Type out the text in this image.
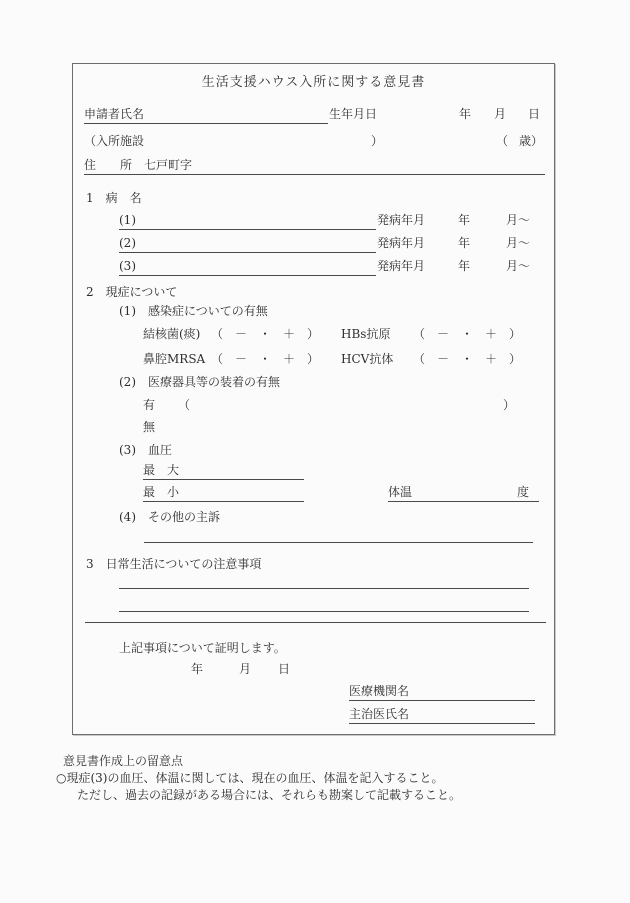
生活支援ハウス入所に関する意見書
申請者氏名	生年月日	年 月 日
（入所施設	）	（ 歳）
住　　所　七戸町字
1　病　名
(1)	発病年月	年	月～
(2)	発病年月	年	月～
(3)	発病年月	年	月～
2　現症について
(1)　感染症についての有無
結核菌(痰) （　－　・　＋　） HBs抗原 （　－　・　＋　）
鼻腔MRSA （　－　・　＋　） HCV抗体 （　－　・　＋　）
(2)　医療器具等の装着の有無
有 （	）
無
(3)　血圧
最　大
最　小	体温	度
(4)　その他の主訴
3　日常生活についての注意事項
上記事項について証明します。
年	月 日
医療機関名
主治医氏名
意見書作成上の留意点
○現症(3)の血圧、体温に関しては、現在の血圧、体温を記入すること。
ただし、過去の記録がある場合には、それらも勘案して記載すること。
